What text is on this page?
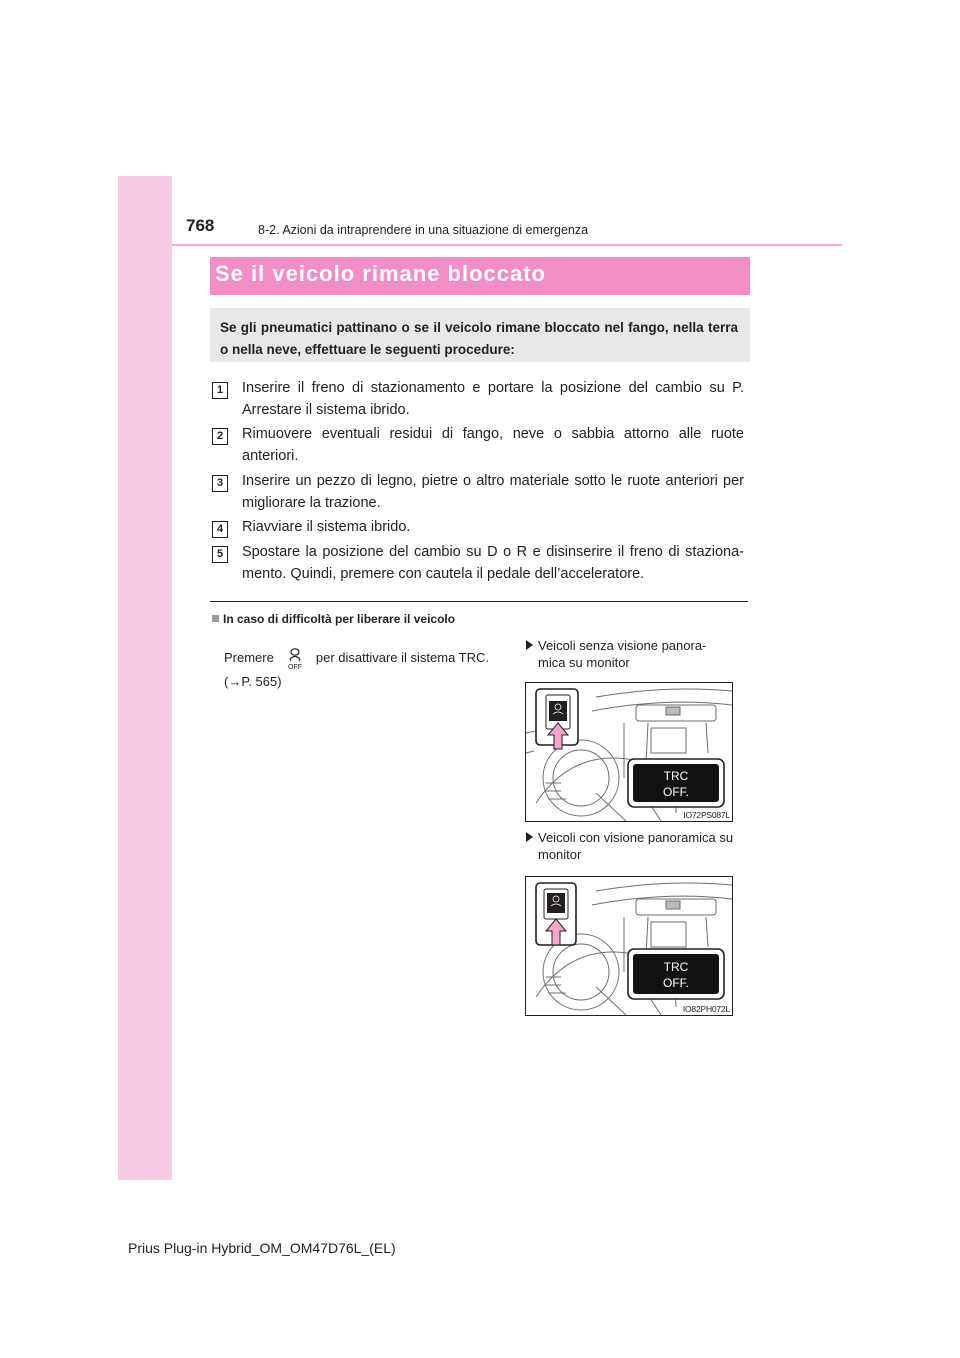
768	8-2. Azioni da intraprendere in una situazione di emergenza
Se il veicolo rimane bloccato
Se gli pneumatici pattinano o se il veicolo rimane bloccato nel fango, nella terra o nella neve, effettuare le seguenti procedure:
1	Inserire il freno di stazionamento e portare la posizione del cambio su P. Arrestare il sistema ibrido.
2	Rimuovere eventuali residui di fango, neve o sabbia attorno alle ruote anteriori.
3	Inserire un pezzo di legno, pietre o altro materiale sotto le ruote anteriori per migliorare la trazione.
4	Riavviare il sistema ibrido.
5	Spostare la posizione del cambio su D o R e disinserire il freno di staziona- mento. Quindi, premere con cautela il pedale dell’acceleratore.
In caso di difficoltà per liberare il veicolo
Premere
OFF
per disattivare il sistema TRC.
(→P. 565)
Veicoli senza visione panora- mica su monitor
TRC
OFF.
IO72PS087L
Veicoli con visione panoramica su monitor
TRC
OFF.
IO82PH072L
Prius Plug-in Hybrid_OM_OM47D76L_(EL)
